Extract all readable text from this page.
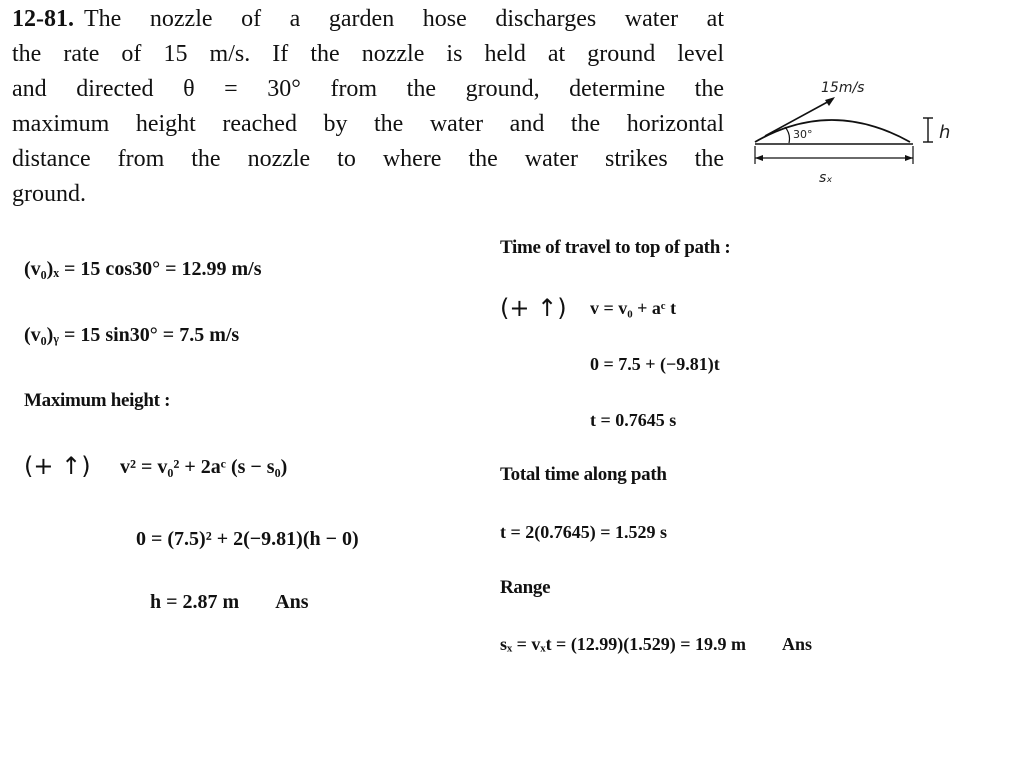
12-81. The nozzle of a garden hose discharges water at
the rate of 15 m/s. If the nozzle is held at ground level
and directed θ = 30° from the ground, determine the
maximum height reached by the water and the horizontal
distance from the nozzle to where the water strikes the
ground.
15m/s
30°	h
sₓ
(v₀)ₓ = 15 cos30° = 12.99 m/s
(v₀)ᵧ = 15 sin30° = 7.5 m/s
Maximum height :
(+ ↑) v² = v₀² + 2aᶜ (s − s₀)
0 = (7.5)² + 2(−9.81)(h − 0)
h = 2.87 m Ans
Time of travel to top of path :
(+ ↑) v = v₀ + aᶜ t
0 = 7.5 + (−9.81)t
t = 0.7645 s
Total time along path
t = 2(0.7645) = 1.529 s
Range
sₓ = vₓt = (12.99)(1.529) = 19.9 m Ans
